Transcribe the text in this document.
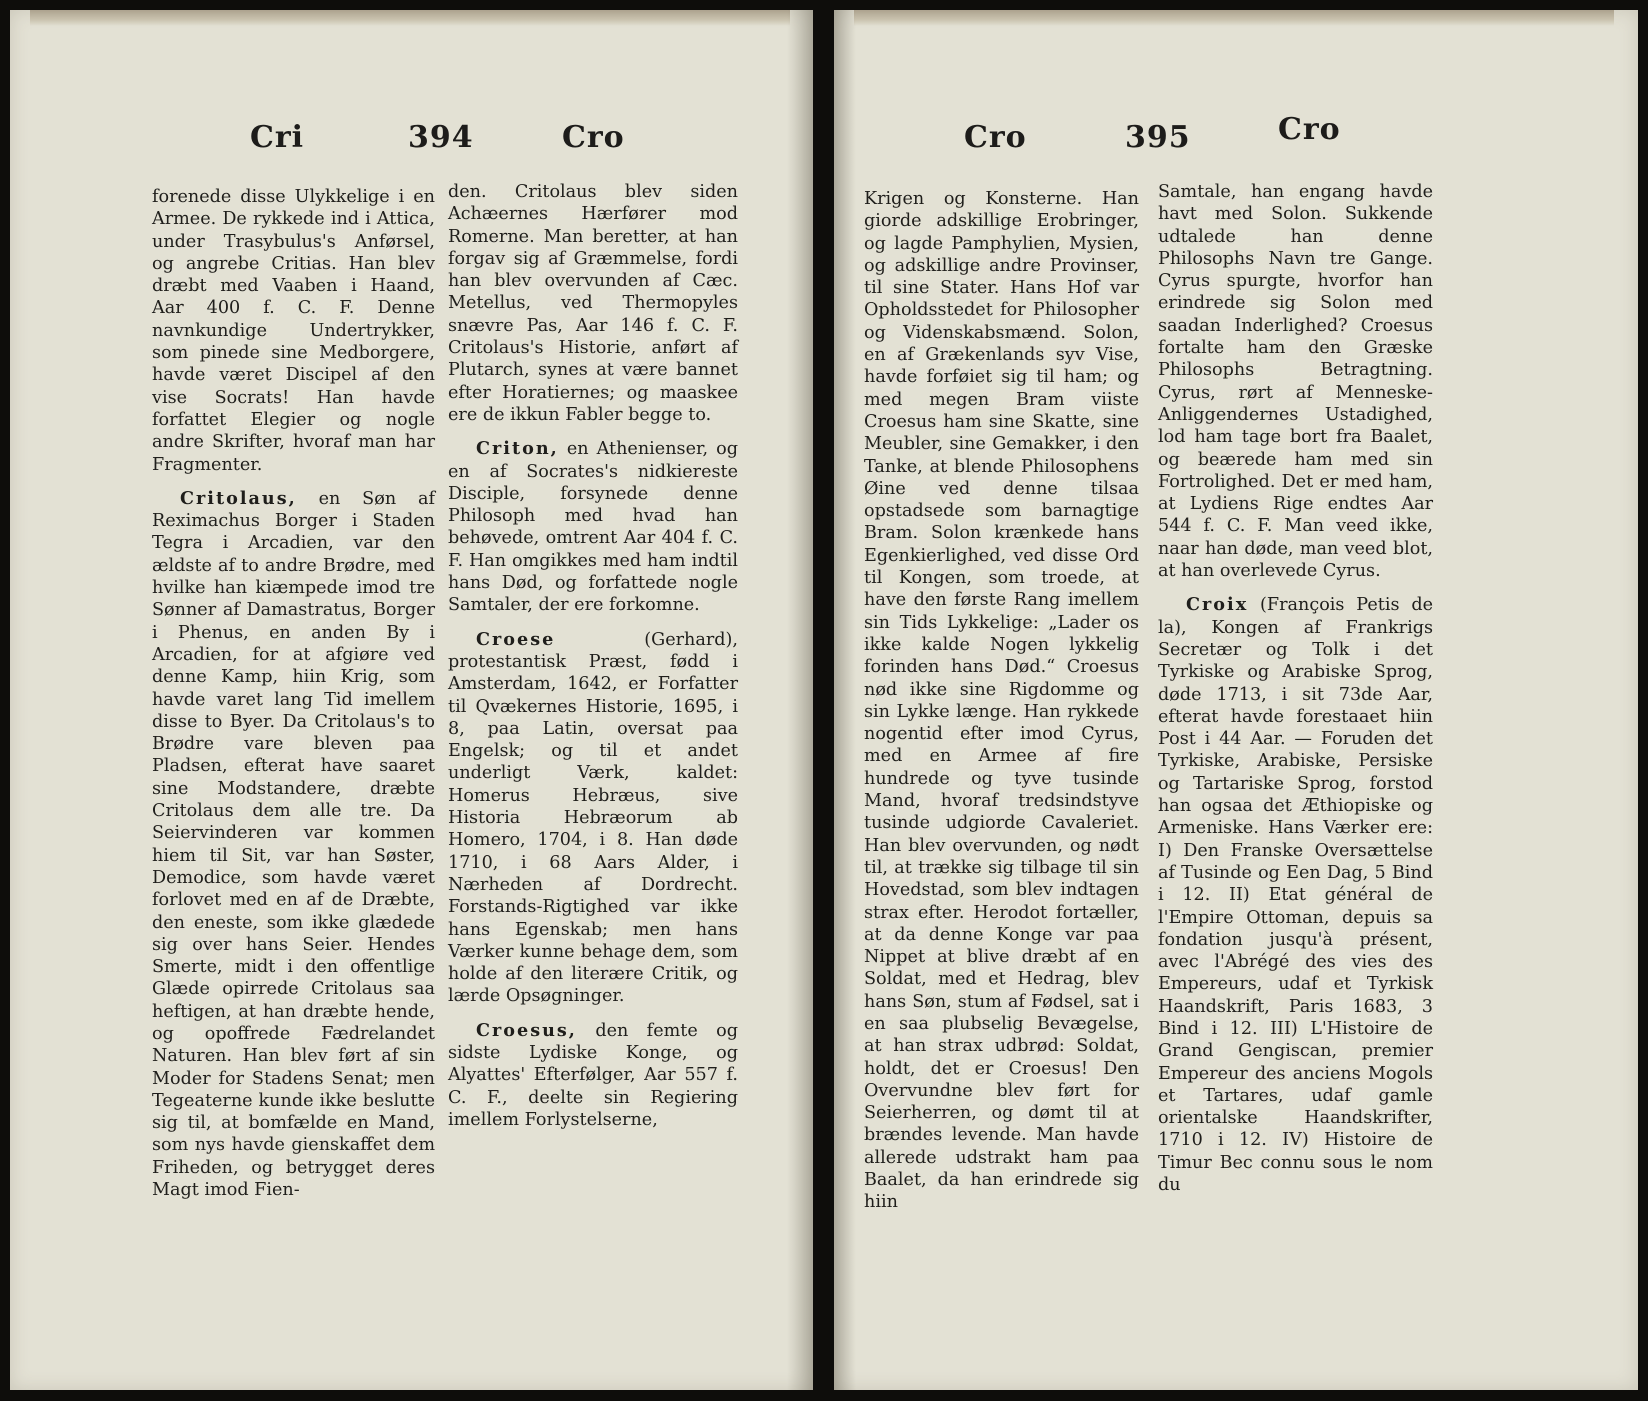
Cri	394	Cro

forenede disse Ulykkelige i en Armee. De rykkede ind i Attica, under Trasybulus's Anførsel, og angrebe Critias. Han blev dræbt med Vaaben i Haand, Aar 400 f. C. F. Denne navnkundige Undertrykker, som pinede sine Medborgere, havde været Discipel af den vise Socrats! Han havde forfattet Elegier og nogle andre Skrifter, hvoraf man har Fragmenter.

Critolaus, en Søn af Reximachus Borger i Staden Tegra i Arcadien, var den ældste af to andre Brødre, med hvilke han kiæmpede imod tre Sønner af Damastratus, Borger i Phenus, en anden By i Arcadien, for at afgiøre ved denne Kamp, hiin Krig, som havde varet lang Tid imellem disse to Byer. Da Critolaus's to Brødre vare bleven paa Pladsen, efterat have saaret sine Modstandere, dræbte Critolaus dem alle tre. Da Seiervinderen var kommen hiem til Sit, var han Søster, Demodice, som havde været forlovet med en af de Dræbte, den eneste, som ikke glædede sig over hans Seier. Hendes Smerte, midt i den offentlige Glæde opirrede Critolaus saa heftigen, at han dræbte hende, og opoffrede Fædrelandet Naturen. Han blev ført af sin Moder for Stadens Senat; men Tegeaterne kunde ikke beslutte sig til, at bomfælde en Mand, som nys havde gienskaffet dem Friheden, og betrygget deres Magt imod Fien-

den. Critolaus blev siden Achæernes Hærfører mod Romerne. Man beretter, at han forgav sig af Græmmelse, fordi han blev overvunden af Cæc. Metellus, ved Thermopyles snævre Pas, Aar 146 f. C. F. Critolaus's Historie, anført af Plutarch, synes at være bannet efter Horatiernes; og maaskee ere de ikkun Fabler begge to.

Criton, en Athenienser, og en af Socrates's nidkiereste Disciple, forsynede denne Philosoph med hvad han behøvede, omtrent Aar 404 f. C. F. Han omgikkes med ham indtil hans Død, og forfattede nogle Samtaler, der ere forkomne.

Croese	(Gerhard), protestantisk Præst, fødd i Amsterdam, 1642, er Forfatter til Qvækernes Historie, 1695, i 8, paa Latin, oversat paa Engelsk; og til et andet underligt Værk, kaldet: Homerus Hebræus, sive Historia Hebræorum ab Homero, 1704, i 8. Han døde 1710, i 68 Aars Alder, i Nærheden af Dordrecht. Forstands-Rigtighed var ikke hans Egenskab; men hans Værker kunne behage dem, som holde af den literære Critik, og lærde Opsøgninger.

Croesus, den femte og sidste Lydiske Konge, og Alyattes' Efterfølger, Aar 557 f. C. F., deelte sin Regiering imellem Forlystelserne,

Cro	395	Cro

Krigen og Konsterne. Han giorde adskillige Erobringer, og lagde Pamphylien, Mysien, og adskillige andre Provinser, til sine Stater. Hans Hof var Opholdsstedet for Philosopher og Videnskabsmænd. Solon, en af Grækenlands syv Vise, havde forføiet sig til ham; og med megen Bram viiste Croesus ham sine Skatte, sine Meubler, sine Gemakker, i den Tanke, at blende Philosophens Øine ved denne tilsaa opstadsede som barnagtige Bram. Solon krænkede hans Egenkierlighed, ved disse Ord til Kongen, som troede, at have den første Rang imellem sin Tids Lykkelige: „Lader os ikke kalde Nogen lykkelig forinden hans Død.“ Croesus nød ikke sine Rigdomme og sin Lykke længe. Han rykkede nogentid efter imod Cyrus, med en Armee af fire hundrede og tyve tusinde Mand, hvoraf tredsindstyve tusinde udgiorde Cavaleriet. Han blev overvunden, og nødt til, at trække sig tilbage til sin Hovedstad, som blev indtagen strax efter. Herodot fortæller, at da denne Konge var paa Nippet at blive dræbt af en Soldat, med et Hedrag, blev hans Søn, stum af Fødsel, sat i en saa plubselig Bevægelse, at han strax udbrød: Soldat, holdt, det er Croesus! Den Overvundne blev ført for Seierherren, og dømt til at brændes levende. Man havde allerede udstrakt ham paa Baalet, da han erindrede sig hiin

Samtale, han engang havde havt med Solon. Sukkende udtalede han denne Philosophs Navn tre Gange. Cyrus spurgte, hvorfor han erindrede sig Solon med saadan Inderlighed? Croesus fortalte ham den Græske Philosophs Betragtning. Cyrus, rørt af Menneske-Anliggendernes Ustadighed, lod ham tage bort fra Baalet, og beærede ham med sin Fortrolighed. Det er med ham, at Lydiens Rige endtes Aar 544 f. C. F. Man veed ikke, naar han døde, man veed blot, at han overlevede Cyrus.

Croix (François Petis de la), Kongen af Frankrigs Secretær og Tolk i det Tyrkiske og Arabiske Sprog, døde 1713, i sit 73de Aar, efterat havde forestaaet hiin Post i 44 Aar. — Foruden det Tyrkiske, Arabiske, Persiske og Tartariske Sprog, forstod han ogsaa det Æthiopiske og Armeniske. Hans Værker ere: I) Den Franske Oversættelse af Tusinde og Een Dag, 5 Bind i 12. II) Etat général de l'Empire Ottoman, depuis sa fondation jusqu'à présent, avec l'Abrégé des vies des Empereurs, udaf et Tyrkisk Haandskrift, Paris 1683, 3 Bind i 12. III) L'Histoire de Grand Gengiscan, premier Empereur des anciens Mogols et Tartares, udaf gamle orientalske Haandskrifter, 1710 i 12. IV) Histoire de Timur Bec connu sous le nom du
